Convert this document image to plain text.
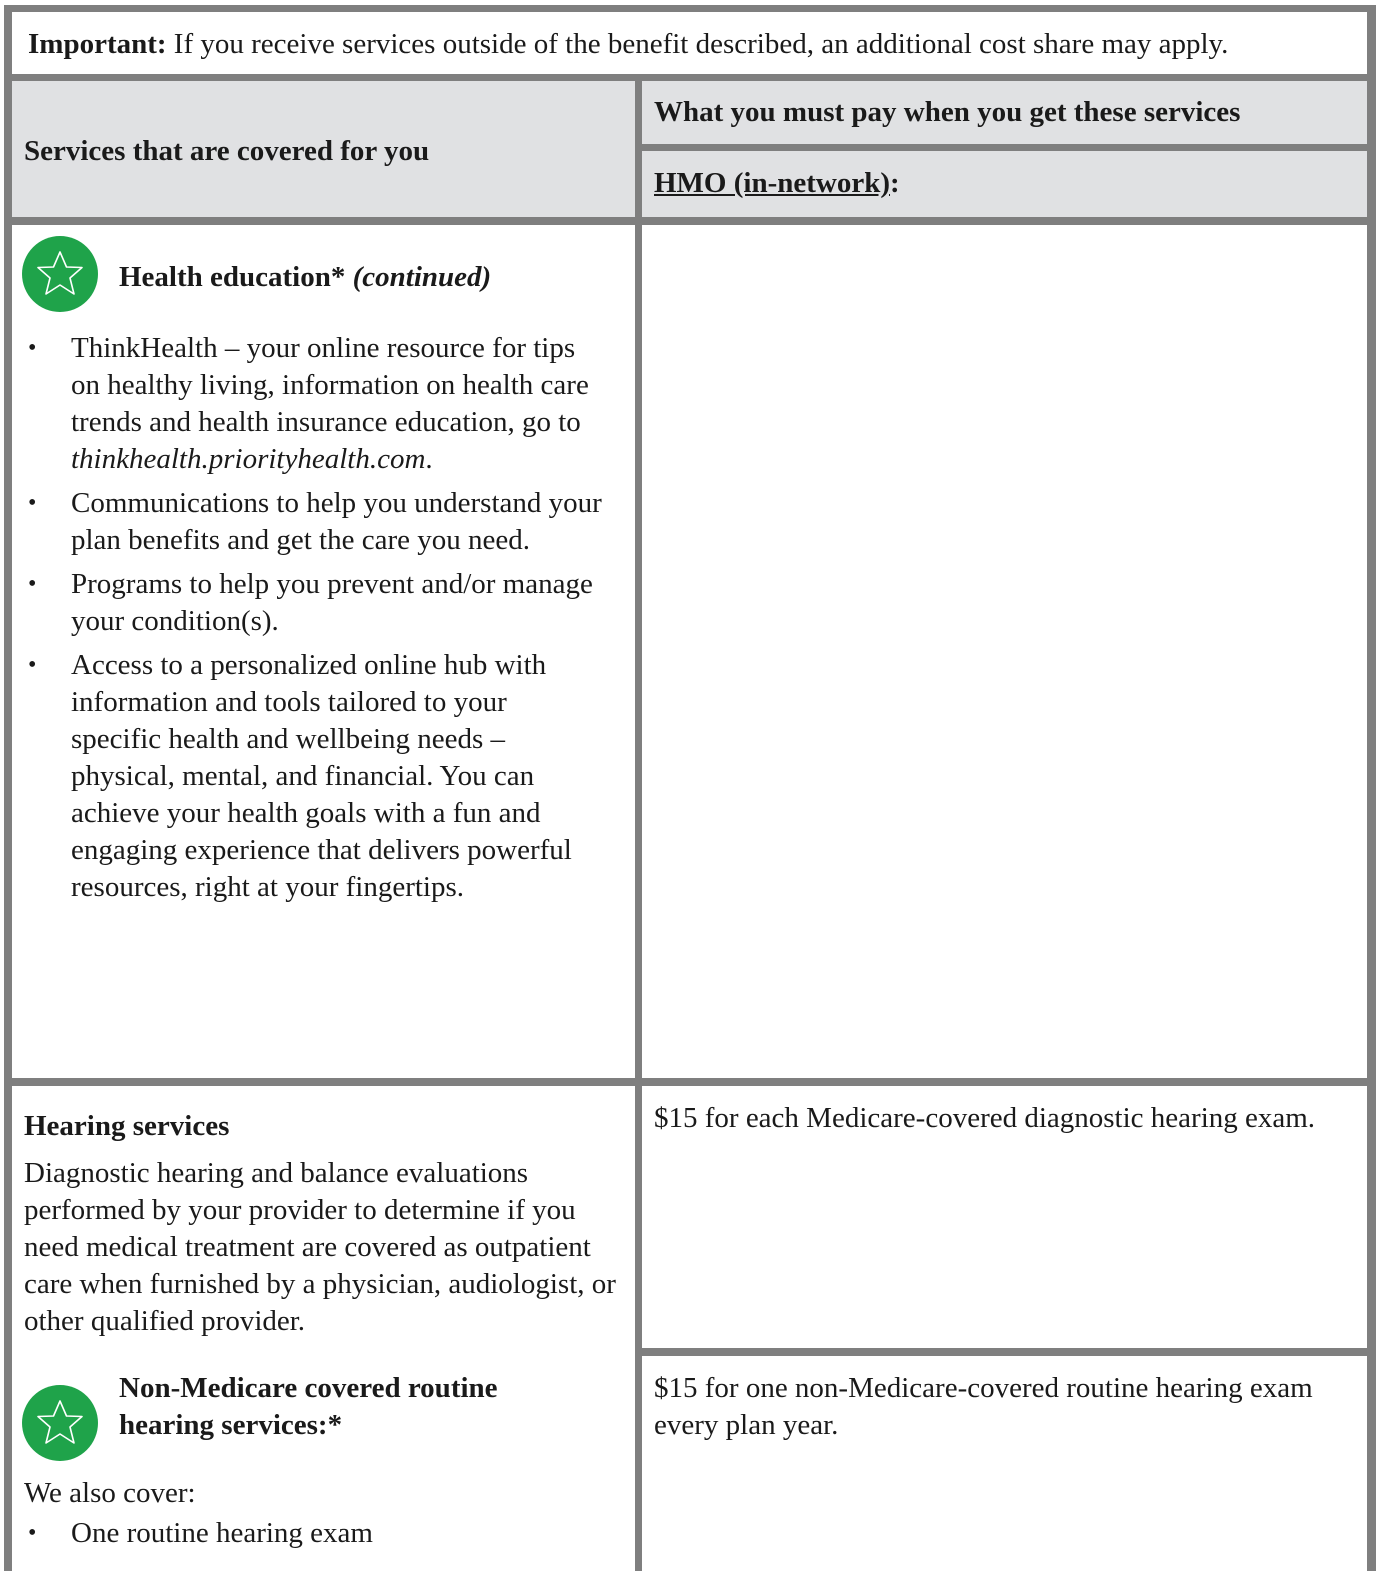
Important: If you receive services outside of the benefit described, an additional cost share may apply.
Services that are covered for you
What you must pay when you get these services
HMO (in-network):
Health education* (continued)
• ThinkHealth – your online resource for tips on healthy living, information on health care trends and health insurance education, go to thinkhealth.priorityhealth.com.
• Communications to help you understand your plan benefits and get the care you need.
• Programs to help you prevent and/or manage your condition(s).
• Access to a personalized online hub with information and tools tailored to your specific health and wellbeing needs – physical, mental, and financial. You can achieve your health goals with a fun and engaging experience that delivers powerful resources, right at your fingertips.
Hearing services
Diagnostic hearing and balance evaluations performed by your provider to determine if you need medical treatment are covered as outpatient care when furnished by a physician, audiologist, or other qualified provider.
Non-Medicare covered routine hearing services:*
We also cover:
• One routine hearing exam
$15 for each Medicare-covered diagnostic hearing exam.
$15 for one non-Medicare-covered routine hearing exam every plan year.
